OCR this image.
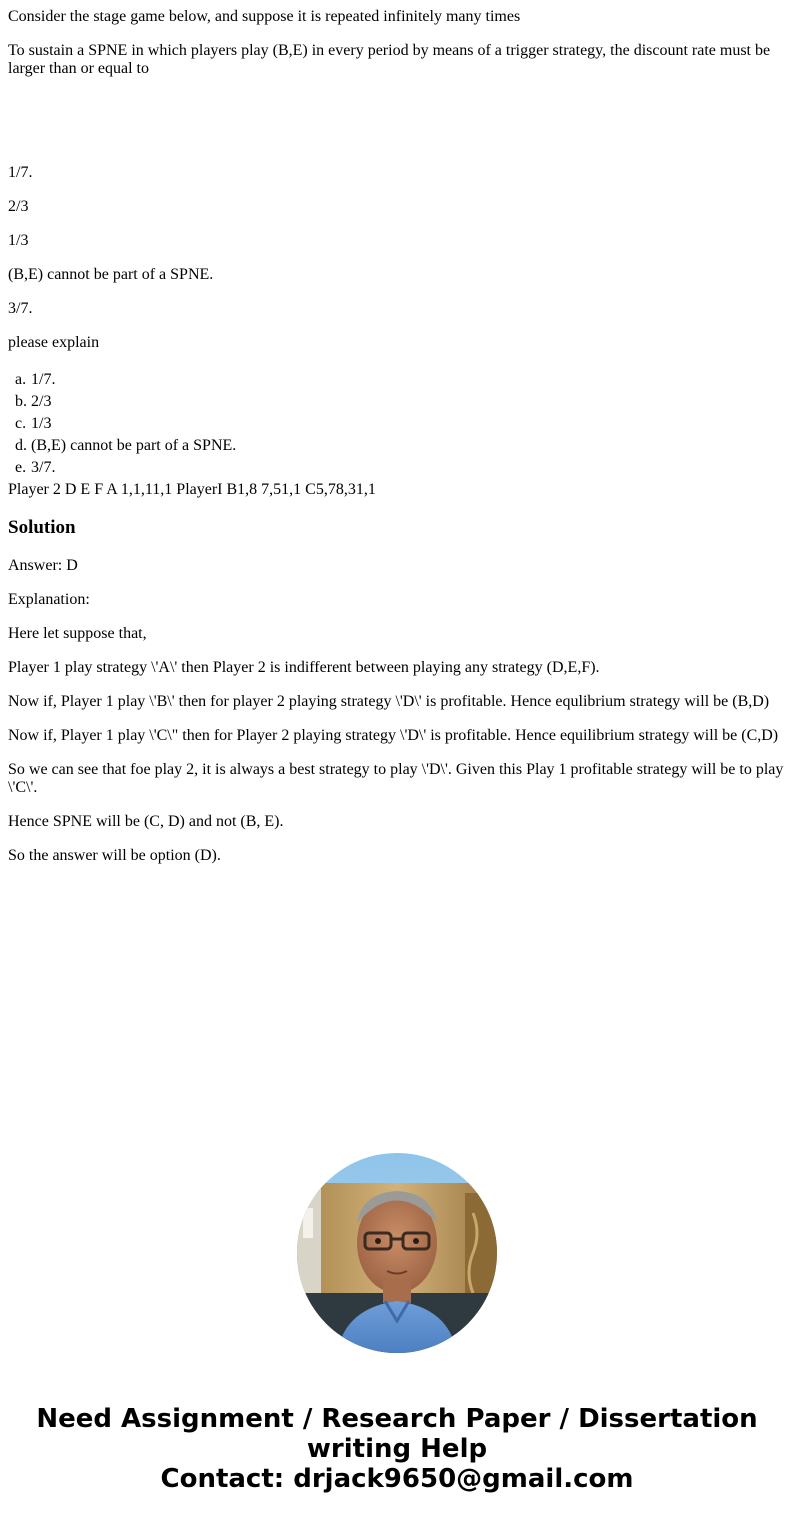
Consider the stage game below, and suppose it is repeated infinitely many times

To sustain a SPNE in which players play (B,E) in every period by means of a trigger strategy, the discount rate must be larger than or equal to

1/7.

2/3

1/3

(B,E) cannot be part of a SPNE.

3/7.

please explain

a. 1/7.
b. 2/3
c. 1/3
d. (B,E) cannot be part of a SPNE.
e. 3/7.

Player 2 D E F A 1,1,11,1 PlayerI B1,8 7,51,1 C5,78,31,1

Solution

Answer: D

Explanation:

Here let suppose that,

Player 1 play strategy \'A\' then Player 2 is indifferent between playing any strategy (D,E,F).

Now if, Player 1 play \'B\' then for player 2 playing strategy \'D\' is profitable. Hence equlibrium strategy will be (B,D)

Now if, Player 1 play \'C\" then for Player 2 playing strategy \'D\' is profitable. Hence equilibrium strategy will be (C,D)

So we can see that foe play 2, it is always a best strategy to play \'D\'. Given this Play 1 profitable strategy will be to play \'C\'.

Hence SPNE will be (C, D) and not (B, E).

So the answer will be option (D).

Need Assignment / Research Paper / Dissertation
writing Help
Contact: drjack9650@gmail.com
